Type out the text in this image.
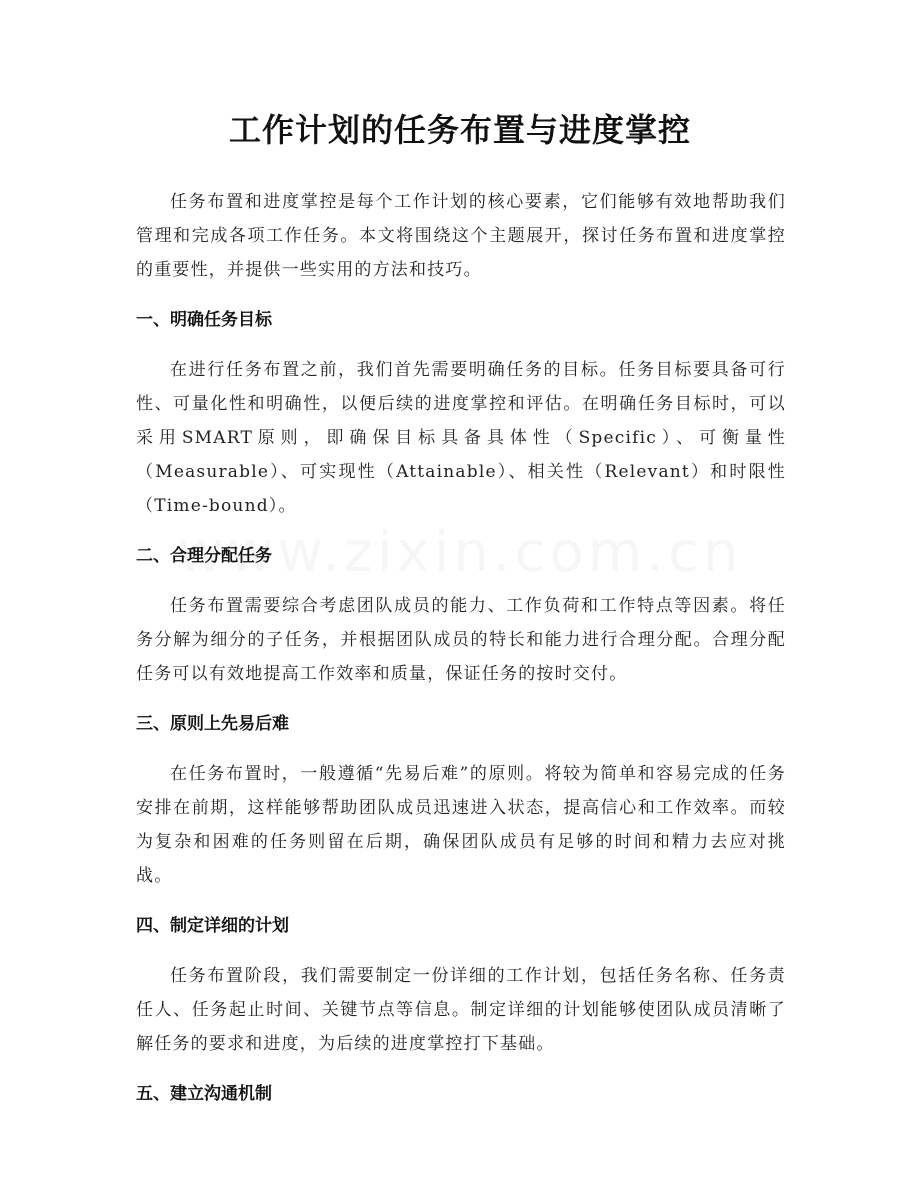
工作计划的任务布置与进度掌控

任务布置和进度掌控是每个工作计划的核心要素，它们能够有效地帮助我们管理和完成各项工作任务。本文将围绕这个主题展开，探讨任务布置和进度掌控的重要性，并提供一些实用的方法和技巧。

一、明确任务目标

在进行任务布置之前，我们首先需要明确任务的目标。任务目标要具备可行性、可量化性和明确性，以便后续的进度掌控和评估。在明确任务目标时，可以采用SMART原则，即确保目标具备具体性（Specific）、可衡量性（Measurable）、可实现性（Attainable）、相关性（Relevant）和时限性（Time-bound）。

二、合理分配任务

任务布置需要综合考虑团队成员的能力、工作负荷和工作特点等因素。将任务分解为细分的子任务，并根据团队成员的特长和能力进行合理分配。合理分配任务可以有效地提高工作效率和质量，保证任务的按时交付。

三、原则上先易后难

在任务布置时，一般遵循“先易后难”的原则。将较为简单和容易完成的任务安排在前期，这样能够帮助团队成员迅速进入状态，提高信心和工作效率。而较为复杂和困难的任务则留在后期，确保团队成员有足够的时间和精力去应对挑战。

四、制定详细的计划

任务布置阶段，我们需要制定一份详细的工作计划，包括任务名称、任务责任人、任务起止时间、关键节点等信息。制定详细的计划能够使团队成员清晰了解任务的要求和进度，为后续的进度掌控打下基础。

五、建立沟通机制
